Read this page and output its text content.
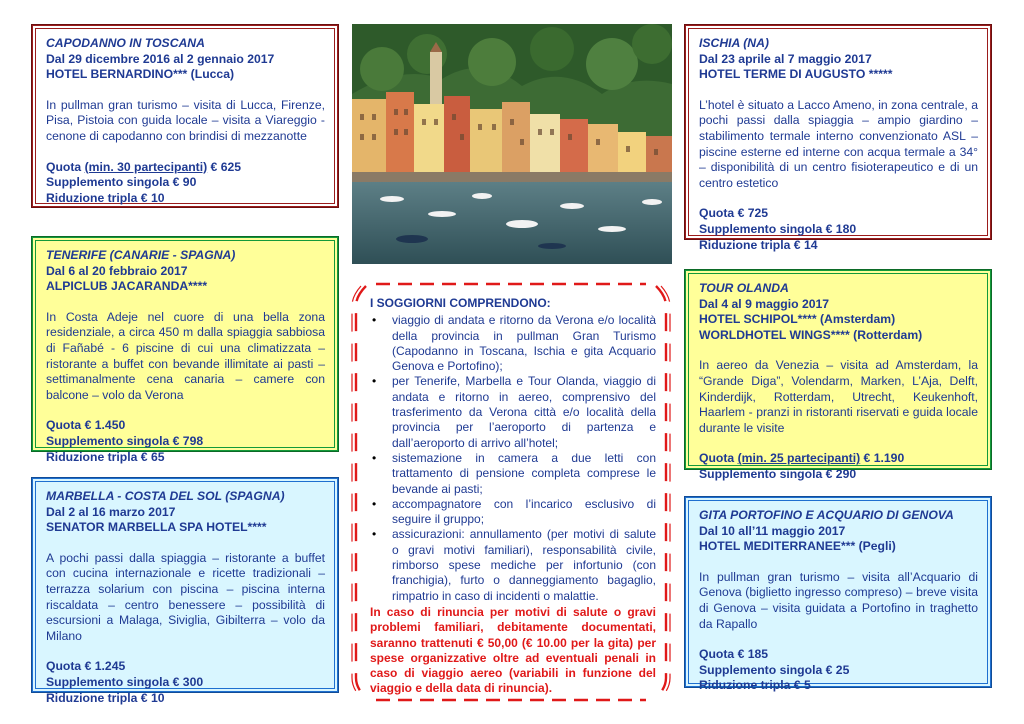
CAPODANNO IN TOSCANA
Dal 29 dicembre 2016 al 2 gennaio 2017
HOTEL BERNARDINO*** (Lucca)
In pullman gran turismo – visita di Lucca, Firenze, Pisa, Pistoia con guida locale – visita a Viareggio - cenone di capodanno con brindisi di mezzanotte
Quota (min. 30 partecipanti) € 625
Supplemento singola € 90
Riduzione tripla € 10
TENERIFE (CANARIE - SPAGNA)
Dal 6 al 20 febbraio 2017
ALPICLUB JACARANDA****
In Costa Adeje nel cuore di una bella zona residenziale, a circa 450 m dalla spiaggia sabbiosa di Fañabé - 6 piscine di cui una climatizzata – ristorante a buffet con bevande illimitate ai pasti – settimanalmente cena canaria – camere con balcone – volo da Verona
Quota € 1.450
Supplemento singola € 798
Riduzione tripla € 65
MARBELLA - COSTA DEL SOL (SPAGNA)
Dal 2 al 16 marzo 2017
SENATOR MARBELLA SPA HOTEL****
A pochi passi dalla spiaggia – ristorante a buffet con cucina internazionale e ricette tradizionali – terrazza solarium con piscina – piscina interna riscaldata – centro benessere – possibilità di escursioni a Malaga, Siviglia, Gibilterra – volo da Milano
Quota € 1.245
Supplemento singola € 300
Riduzione tripla € 10
I SOGGIORNI COMPRENDONO:
• viaggio di andata e ritorno da Verona e/o località della provincia in pullman Gran Turismo (Capodanno in Toscana, Ischia e gita Acquario Genova e Portofino);
• per Tenerife, Marbella e Tour Olanda, viaggio di andata e ritorno in aereo, comprensivo del trasferimento da Verona città e/o località della provincia per l’aeroporto di partenza e dall’aeroporto di arrivo all’hotel;
• sistemazione in camera a due letti con trattamento di pensione completa comprese le bevande ai pasti;
• accompagnatore con l’incarico esclusivo di seguire il gruppo;
• assicurazioni: annullamento (per motivi di salute o gravi motivi familiari), responsabilità civile, rimborso spese mediche per infortunio (con franchigia), furto o danneggiamento bagaglio, rimpatrio in caso di incidenti o malattie.
In caso di rinuncia per motivi di salute o gravi problemi familiari, debitamente documentati, saranno trattenuti € 50,00 (€ 10.00 per la gita) per spese organizzative oltre ad eventuali penali in caso di viaggio aereo (variabili in funzione del viaggio e della data di rinuncia).
ISCHIA (NA)
Dal 23 aprile al 7 maggio 2017
HOTEL TERME DI AUGUSTO *****
L’hotel è situato a Lacco Ameno, in zona centrale, a pochi passi dalla spiaggia – ampio giardino – stabilimento termale interno convenzionato ASL – piscine esterne ed interne con acqua termale a 34° – disponibilità di un centro fisioterapeutico e di un centro estetico
Quota € 725
Supplemento singola € 180
Riduzione tripla € 14
TOUR OLANDA
Dal 4 al 9 maggio 2017
HOTEL SCHIPOL**** (Amsterdam)
WORLDHOTEL WINGS**** (Rotterdam)
In aereo da Venezia – visita ad Amsterdam, la “Grande Diga”, Volendarm, Marken, L’Aja, Delft, Kinderdijk, Rotterdam, Utrecht, Keukenhoft, Haarlem - pranzi in ristoranti riservati e guida locale durante le visite
Quota (min. 25 partecipanti) € 1.190
Supplemento singola € 290
GITA PORTOFINO E ACQUARIO DI GENOVA
Dal 10 all’11 maggio 2017
HOTEL MEDITERRANEE*** (Pegli)
In pullman gran turismo – visita all’Acquario di Genova (biglietto ingresso compreso) – breve visita di Genova – visita guidata a Portofino in traghetto da Rapallo
Quota € 185
Supplemento singola € 25
Riduzione tripla € 5
